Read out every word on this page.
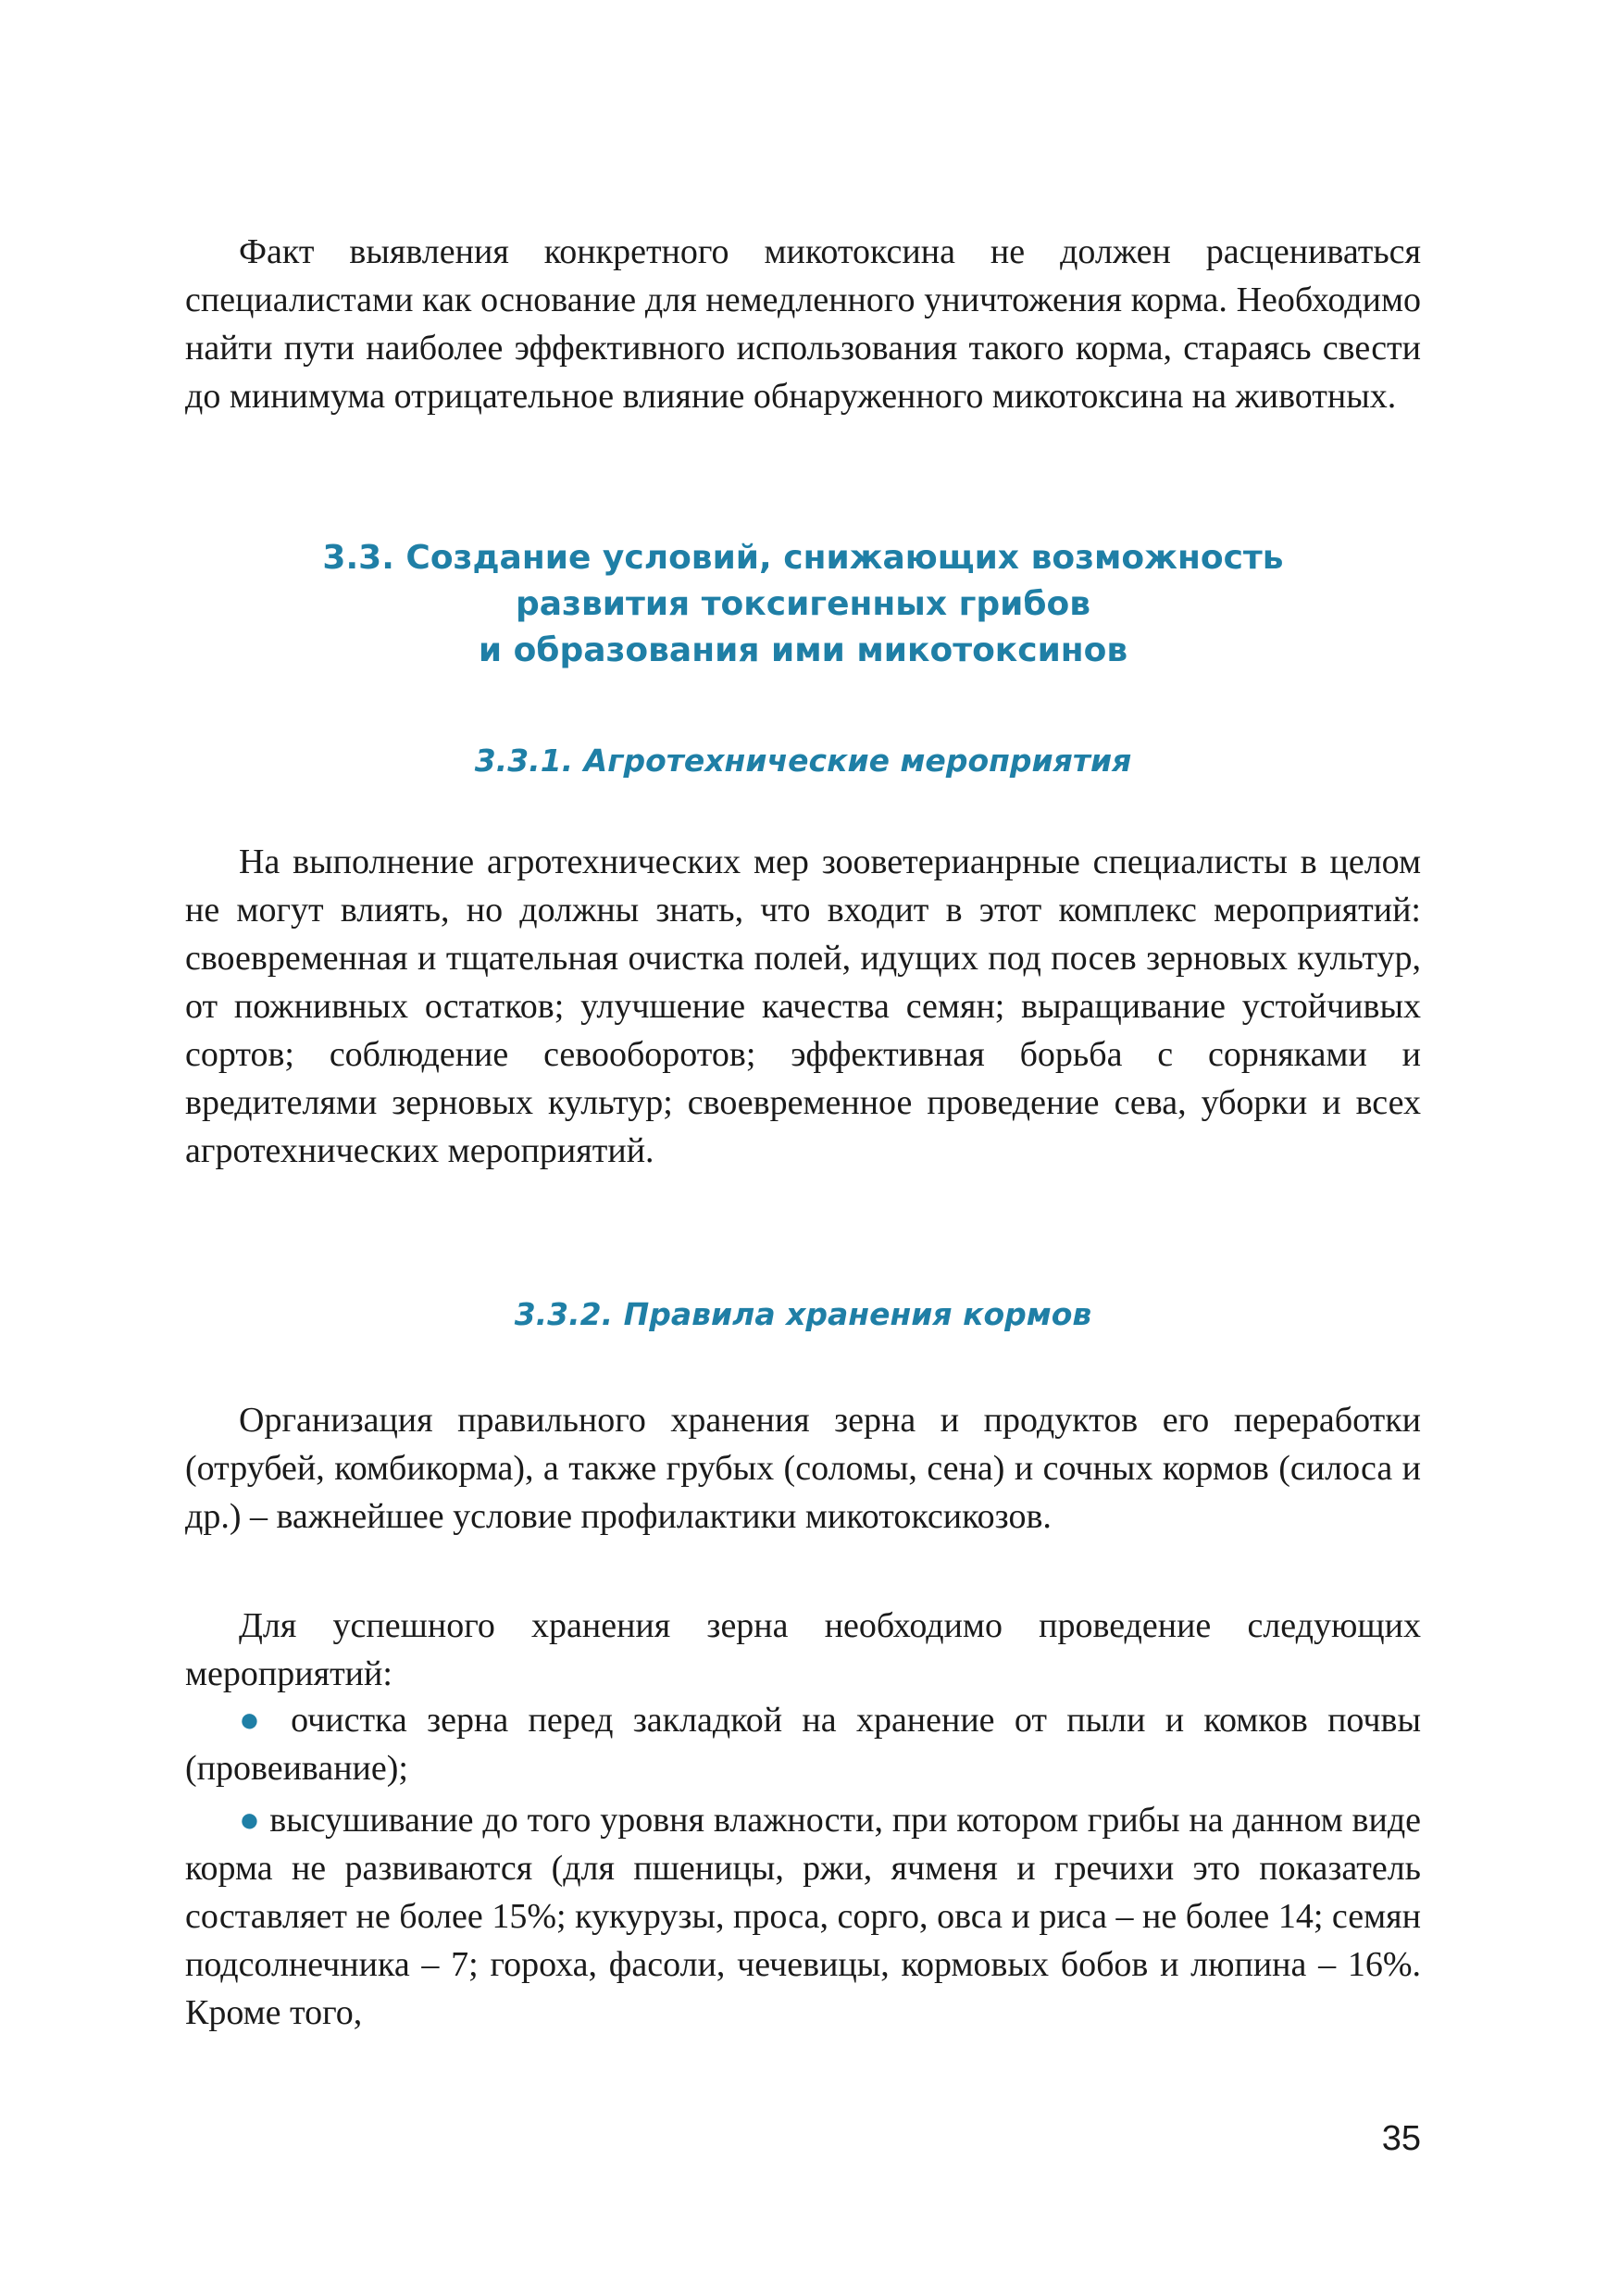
Факт выявления конкретного микотоксина не должен расцениваться специалистами как основание для немедленного уничтожения корма. Необходимо найти пути наиболее эффективного использования такого корма, стараясь свести до минимума отрицательное влияние обнаруженного микотоксина на животных.

3.3. Создание условий, снижающих возможность
развития токсигенных грибов
и образования ими микотоксинов
3.3.1. Агротехнические мероприятия

На выполнение агротехнических мер зооветерианрные специалисты в целом не могут влиять, но должны знать, что входит в этот комплекс мероприятий: своевременная и тщательная очистка полей, идущих под посев зерновых культур, от пожнивных остатков; улучшение качества семян; выращивание устойчивых сортов; соблюдение севооборотов; эффективная борьба с сорняками и вредителями зерновых культур; своевременное проведение сева, уборки и всех агротехнических мероприятий.

3.3.2. Правила хранения кормов

Организация правильного хранения зерна и продуктов его переработки (отрубей, комбикорма), а также грубых (соломы, сена) и сочных кормов (силоса и др.) – важнейшее условие профилактики микотоксикозов.

Для успешного хранения зерна необходимо проведение следующих мероприятий:

● очистка зерна перед закладкой на хранение от пыли и комков почвы (провеивание);

● высушивание до того уровня влажности, при котором грибы на данном виде корма не развиваются (для пшеницы, ржи, ячменя и гречихи это показатель составляет не более 15%; кукурузы, проса, сорго, овса и риса – не более 14; семян подсолнечника – 7; гороха, фасоли, чечевицы, кормовых бобов и люпина – 16%. Кроме того,

35
